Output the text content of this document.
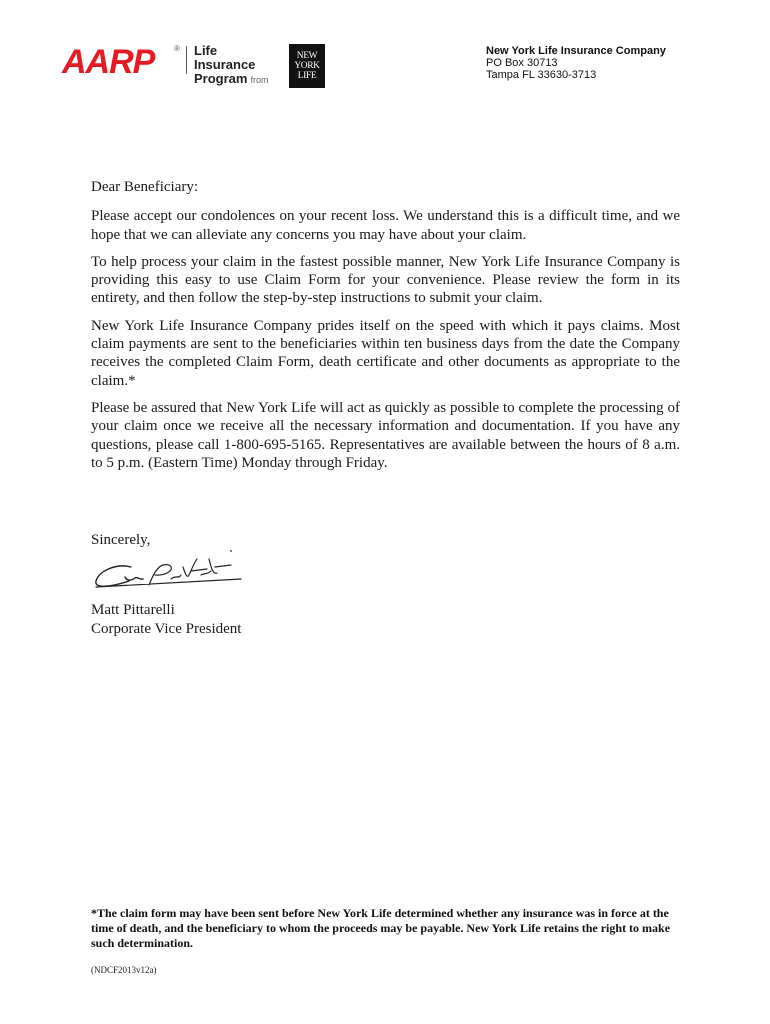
AARP ® Life Insurance
Program from
NEW
YORK
LIFE
New York Life Insurance Company
PO Box 30713
Tampa FL 33630-3713

Dear Beneficiary:

Please accept our condolences on your recent loss. We understand this is a difficult time, and we hope that we can alleviate any concerns you may have about your claim.

To help process your claim in the fastest possible manner, New York Life Insurance Company is providing this easy to use Claim Form for your convenience. Please review the form in its entirety, and then follow the step-by-step instructions to submit your claim.

New York Life Insurance Company prides itself on the speed with which it pays claims. Most claim payments are sent to the beneficiaries within ten business days from the date the Company receives the completed Claim Form, death certificate and other documents as appropriate to the claim.*

Please be assured that New York Life will act as quickly as possible to complete the processing of your claim once we receive all the necessary information and documentation. If you have any questions, please call 1-800-695-5165. Representatives are available between the hours of 8 a.m. to 5 p.m. (Eastern Time) Monday through Friday.

Sincerely,
Matt Pittarelli
Corporate Vice President
*The claim form may have been sent before New York Life determined whether any insurance was in force at the time of death, and the beneficiary to whom the proceeds may be payable. New York Life retains the right to make such determination.
(NDCF2013v12a)
